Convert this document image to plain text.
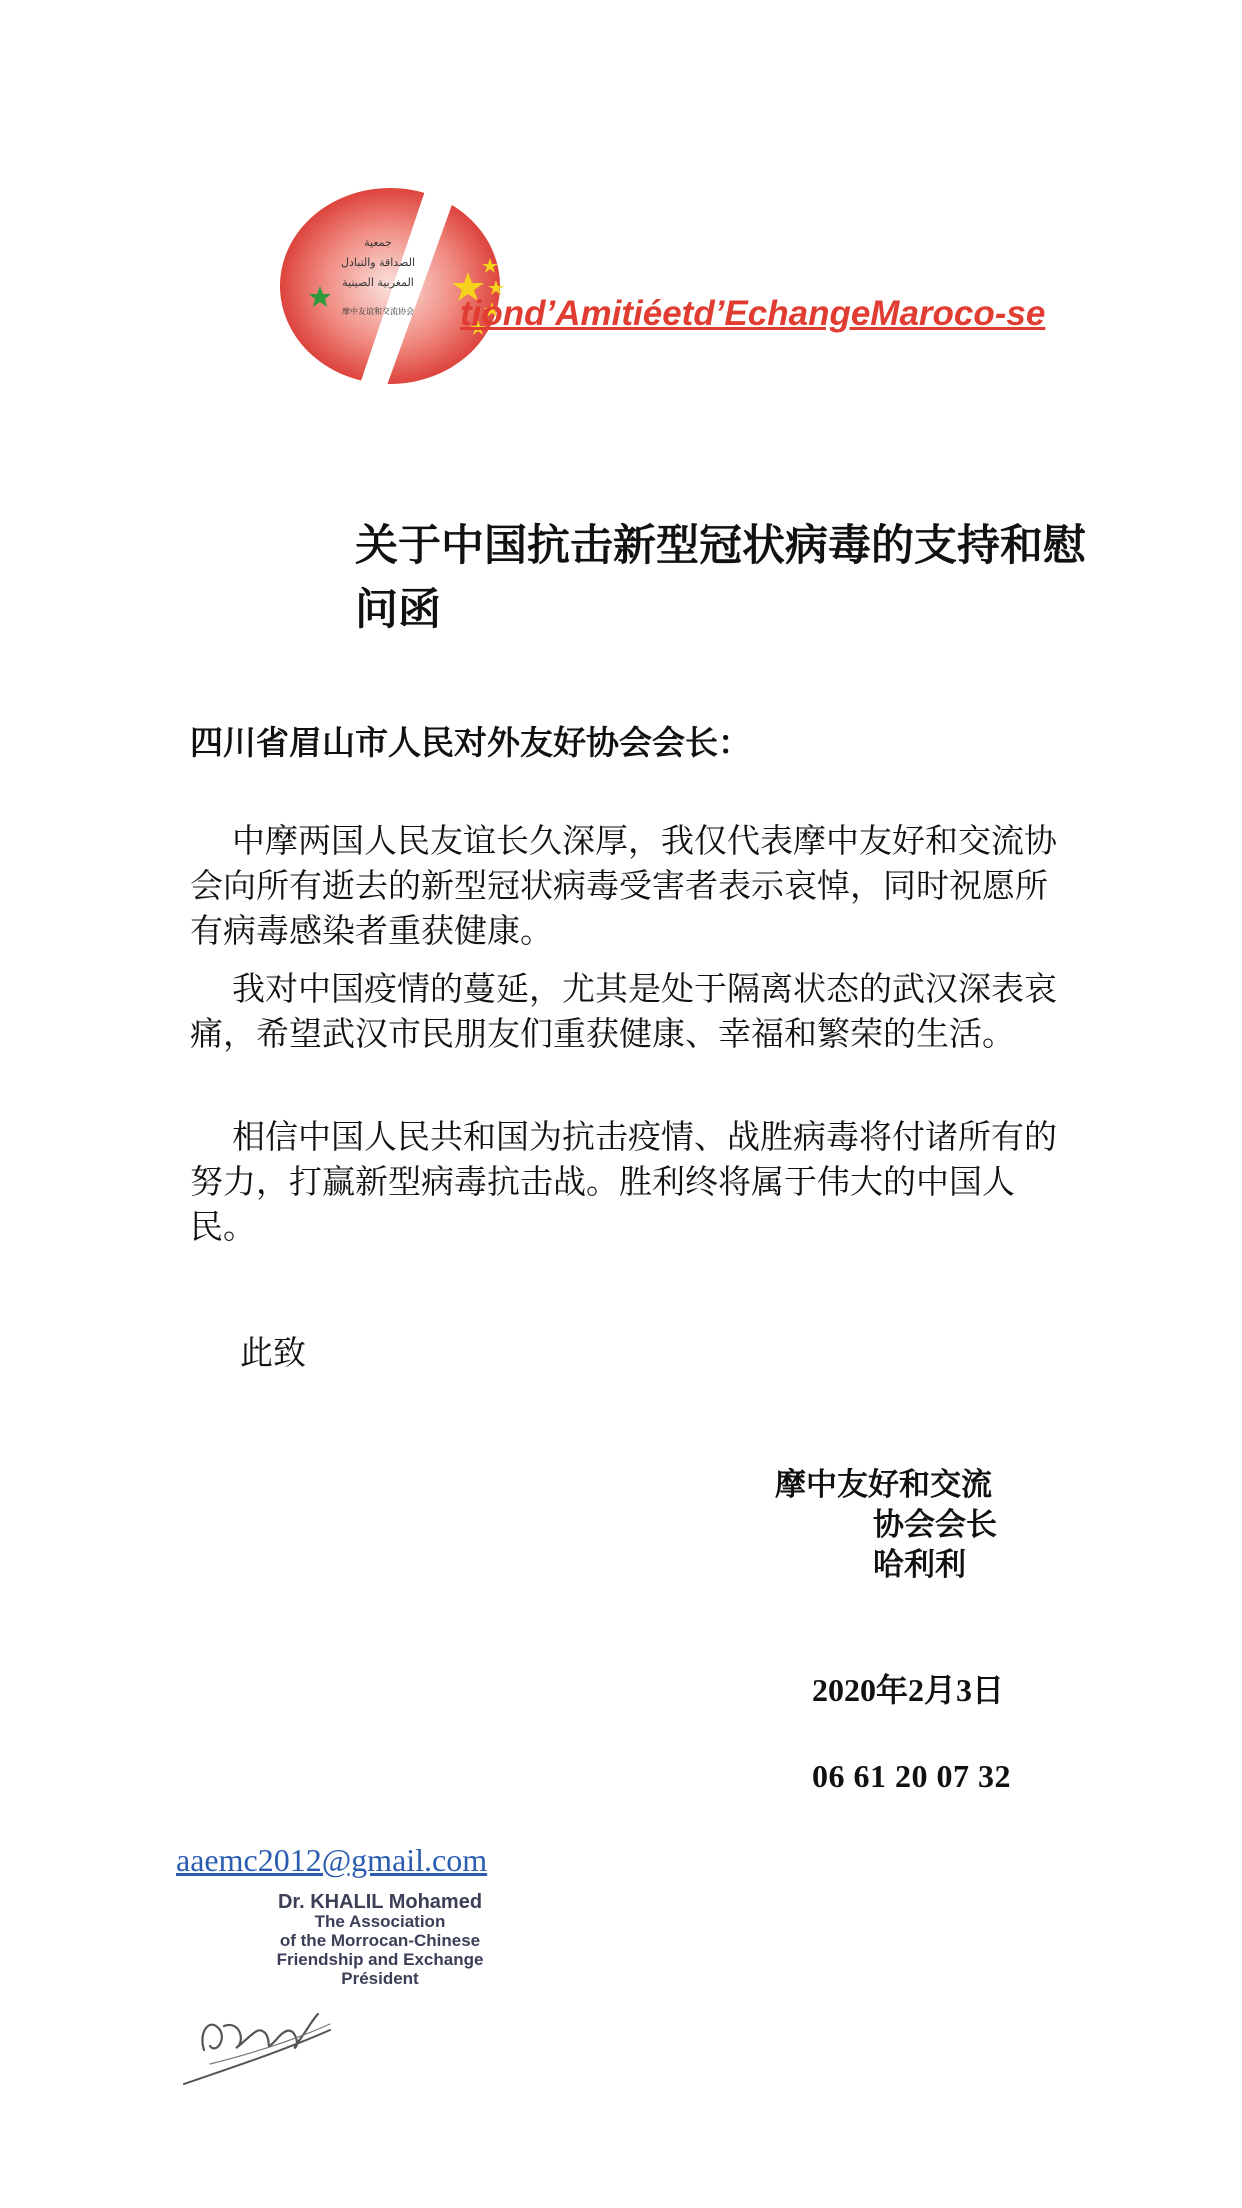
جمعية
الصداقة والتبادل
المغربية الصينية
摩中友谊和交流协会 tiond’Amitiéetd’EchangeMaroco-se
关于中国抗击新型冠状病毒的支持和慰问函
四川省眉山市人民对外友好协会会长：

中摩两国人民友谊长久深厚，我仅代表摩中友好和交流协会向所有逝去的新型冠状病毒受害者表示哀悼，同时祝愿所有病毒感染者重获健康。

我对中国疫情的蔓延，尤其是处于隔离状态的武汉深表哀痛，希望武汉市民朋友们重获健康、幸福和繁荣的生活。

相信中国人民共和国为抗击疫情、战胜病毒将付诸所有的努力，打赢新型病毒抗击战。胜利终将属于伟大的中国人民。

此致
摩中友好和交流
协会会长
哈利利
2020年2月3日
06 61 20 07 32
aaemc2012@gmail.com
Dr. KHALIL Mohamed
The Association
of the Morrocan-Chinese
Friendship and Exchange
Président
